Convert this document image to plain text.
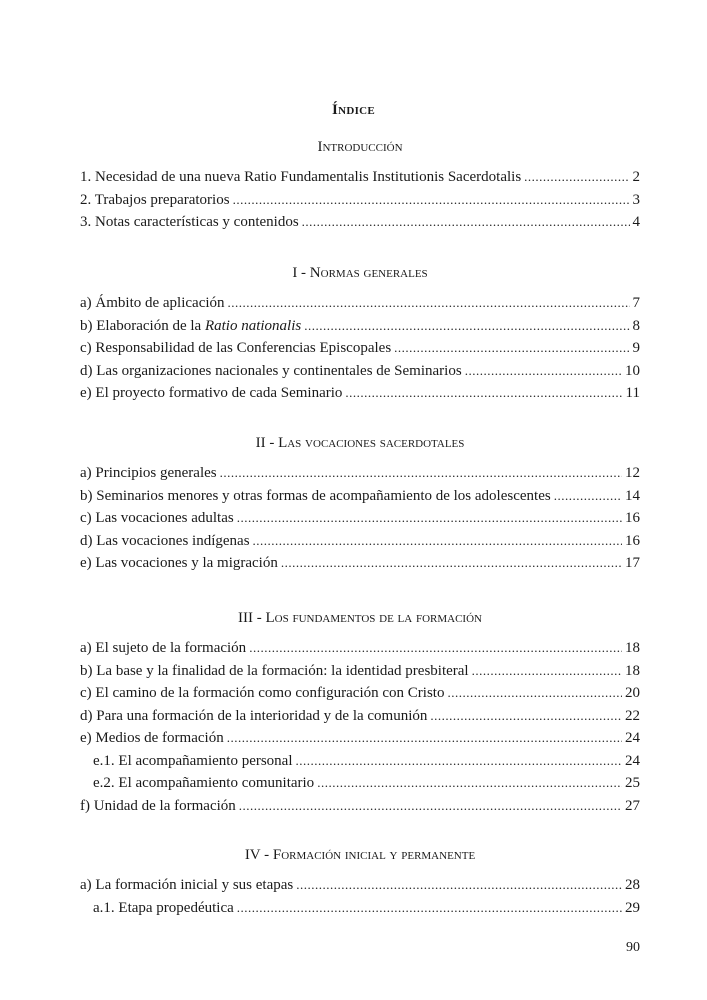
Índice
Introducción
1. Necesidad de una nueva Ratio Fundamentalis Institutionis Sacerdotalis .....	2
2. Trabajos preparatorios .....	3
3. Notas características y contenidos .....	4
I - Normas generales
a) Ámbito de aplicación .....	7
b) Elaboración de la Ratio nationalis .....	8
c) Responsabilidad de las Conferencias Episcopales .....	9
d) Las organizaciones nacionales y continentales de Seminarios .....	10
e) El proyecto formativo de cada Seminario .....	11
II - Las vocaciones sacerdotales
a) Principios generales .....	12
b) Seminarios menores y otras formas de acompañamiento de los adolescentes .....	14
c) Las vocaciones adultas .....	16
d) Las vocaciones indígenas .....	16
e) Las vocaciones y la migración .....	17
III - Los fundamentos de la formación
a) El sujeto de la formación .....	18
b) La base y la finalidad de la formación: la identidad presbiteral .....	18
c) El camino de la formación como configuración con Cristo .....	20
d) Para una formación de la interioridad y de la comunión .....	22
e) Medios de formación .....	24
e.1. El acompañamiento personal .....	24
e.2. El acompañamiento comunitario .....	25
f) Unidad de la formación .....	27
IV - Formación inicial y permanente
a) La formación inicial y sus etapas .....	28
a.1. Etapa propedéutica .....	29
90
